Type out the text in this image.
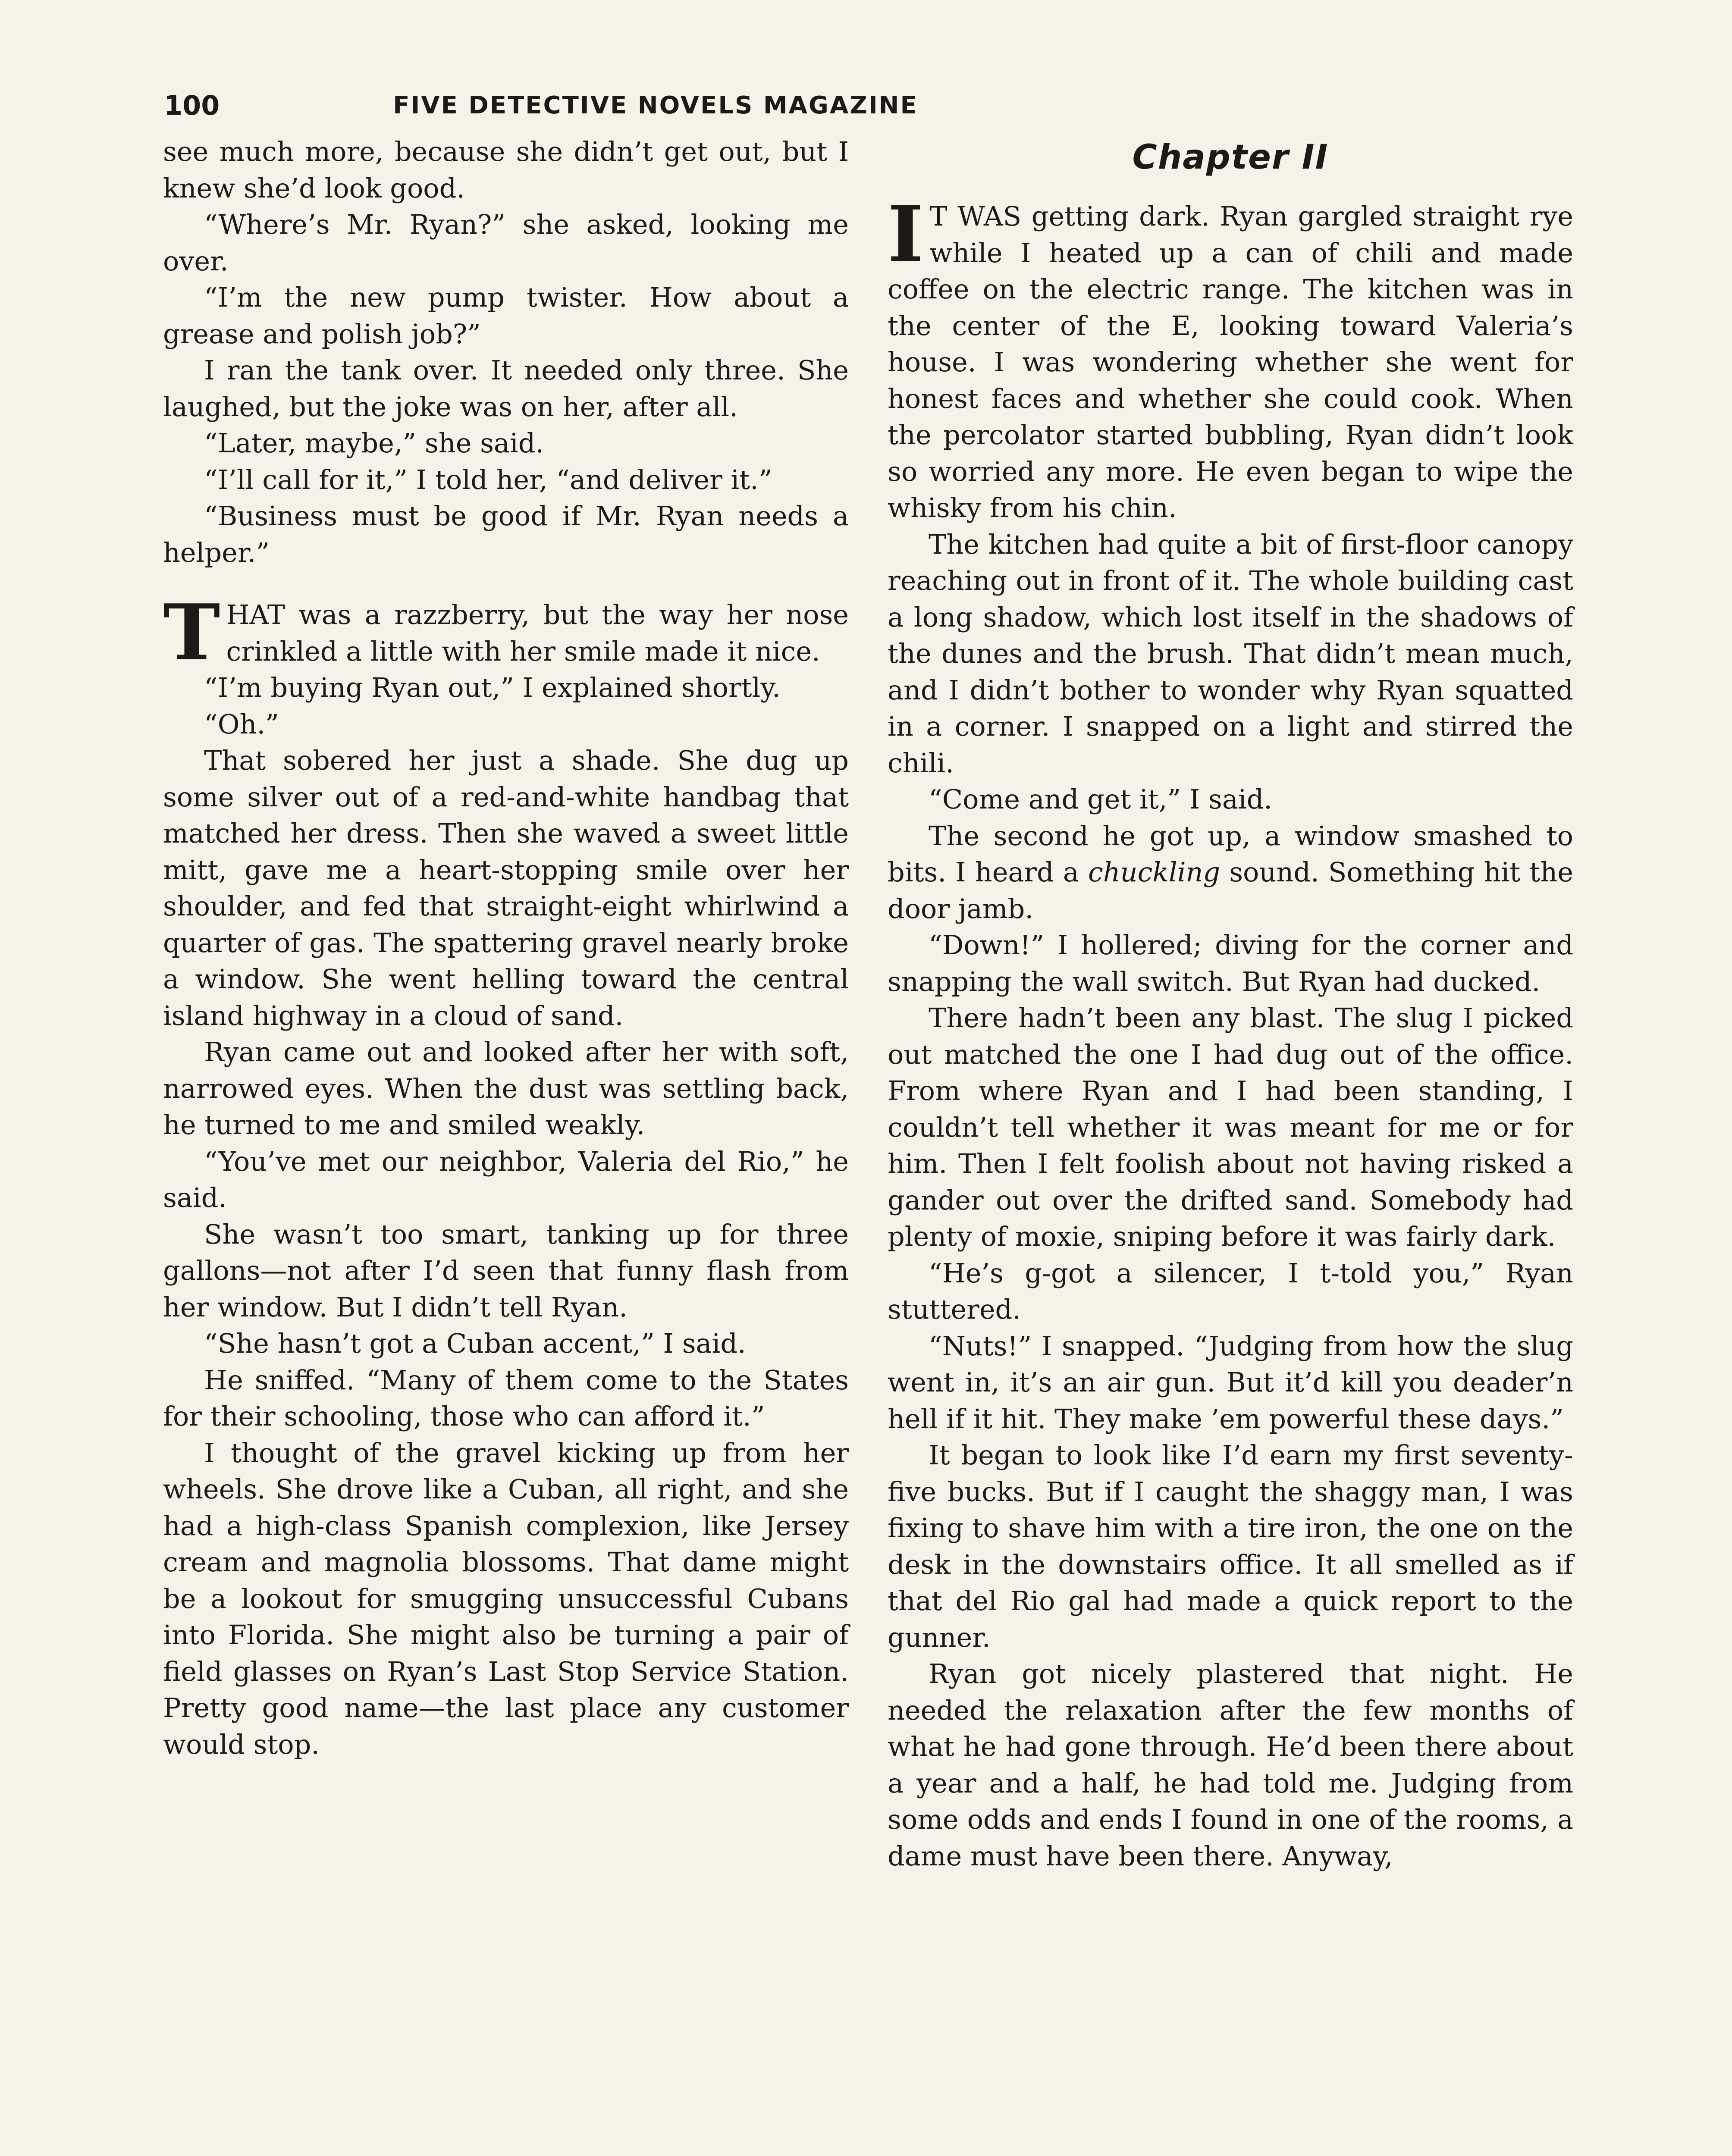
100	FIVE DETECTIVE NOVELS MAGAZINE

see much more, because she didn’t get out, but I knew she’d look good.

“Where’s Mr. Ryan?” she asked, looking me over.

“I’m the new pump twister. How about a grease and polish job?”

I ran the tank over. It needed only three. She laughed, but the joke was on her, after all.

“Later, maybe,” she said.

“I’ll call for it,” I told her, “and deliver it.”

“Business must be good if Mr. Ryan needs a helper.”

THAT was a razzberry, but the way her nose crinkled a little with her smile made it nice.

“I’m buying Ryan out,” I explained shortly.

“Oh.”

That sobered her just a shade. She dug up some silver out of a red-and-white handbag that matched her dress. Then she waved a sweet little mitt, gave me a heart-stopping smile over her shoulder, and fed that straight-eight whirlwind a quarter of gas. The spattering gravel nearly broke a window. She went helling toward the central island highway in a cloud of sand.

Ryan came out and looked after her with soft, narrowed eyes. When the dust was settling back, he turned to me and smiled weakly.

“You’ve met our neighbor, Valeria del Rio,” he said.

She wasn’t too smart, tanking up for three gallons—not after I’d seen that funny flash from her window. But I didn’t tell Ryan.

“She hasn’t got a Cuban accent,” I said.

He sniffed. “Many of them come to the States for their schooling, those who can afford it.”

I thought of the gravel kicking up from her wheels. She drove like a Cuban, all right, and she had a high-class Spanish complexion, like Jersey cream and magnolia blossoms. That dame might be a lookout for smugging unsuccessful Cubans into Florida. She might also be turning a pair of field glasses on Ryan’s Last Stop Service Station. Pretty good name—the last place any customer would stop.

Chapter II

I T WAS getting dark. Ryan gargled straight rye while I heated up a can of chili and made coffee on the electric range. The kitchen was in the center of the E, looking toward Valeria’s house. I was wondering whether she went for honest faces and whether she could cook. When the percolator started bubbling, Ryan didn’t look so worried any more. He even began to wipe the whisky from his chin.

The kitchen had quite a bit of first-floor canopy reaching out in front of it. The whole building cast a long shadow, which lost itself in the shadows of the dunes and the brush. That didn’t mean much, and I didn’t bother to wonder why Ryan squatted in a corner. I snapped on a light and stirred the chili.

“Come and get it,” I said.

The second he got up, a window smashed to bits. I heard a chuckling sound. Something hit the door jamb.

“Down!” I hollered; diving for the corner and snapping the wall switch. But Ryan had ducked.

There hadn’t been any blast. The slug I picked out matched the one I had dug out of the office. From where Ryan and I had been standing, I couldn’t tell whether it was meant for me or for him. Then I felt foolish about not having risked a gander out over the drifted sand. Somebody had plenty of moxie, sniping before it was fairly dark.

“He’s g-got a silencer, I t-told you,” Ryan stuttered.

“Nuts!” I snapped. “Judging from how the slug went in, it’s an air gun. But it’d kill you deader’n hell if it hit. They make ’em powerful these days.”

It began to look like I’d earn my first seventy-five bucks. But if I caught the shaggy man, I was fixing to shave him with a tire iron, the one on the desk in the downstairs office. It all smelled as if that del Rio gal had made a quick report to the gunner.

Ryan got nicely plastered that night. He needed the relaxation after the few months of what he had gone through. He’d been there about a year and a half, he had told me. Judging from some odds and ends I found in one of the rooms, a dame must have been there. Anyway,
